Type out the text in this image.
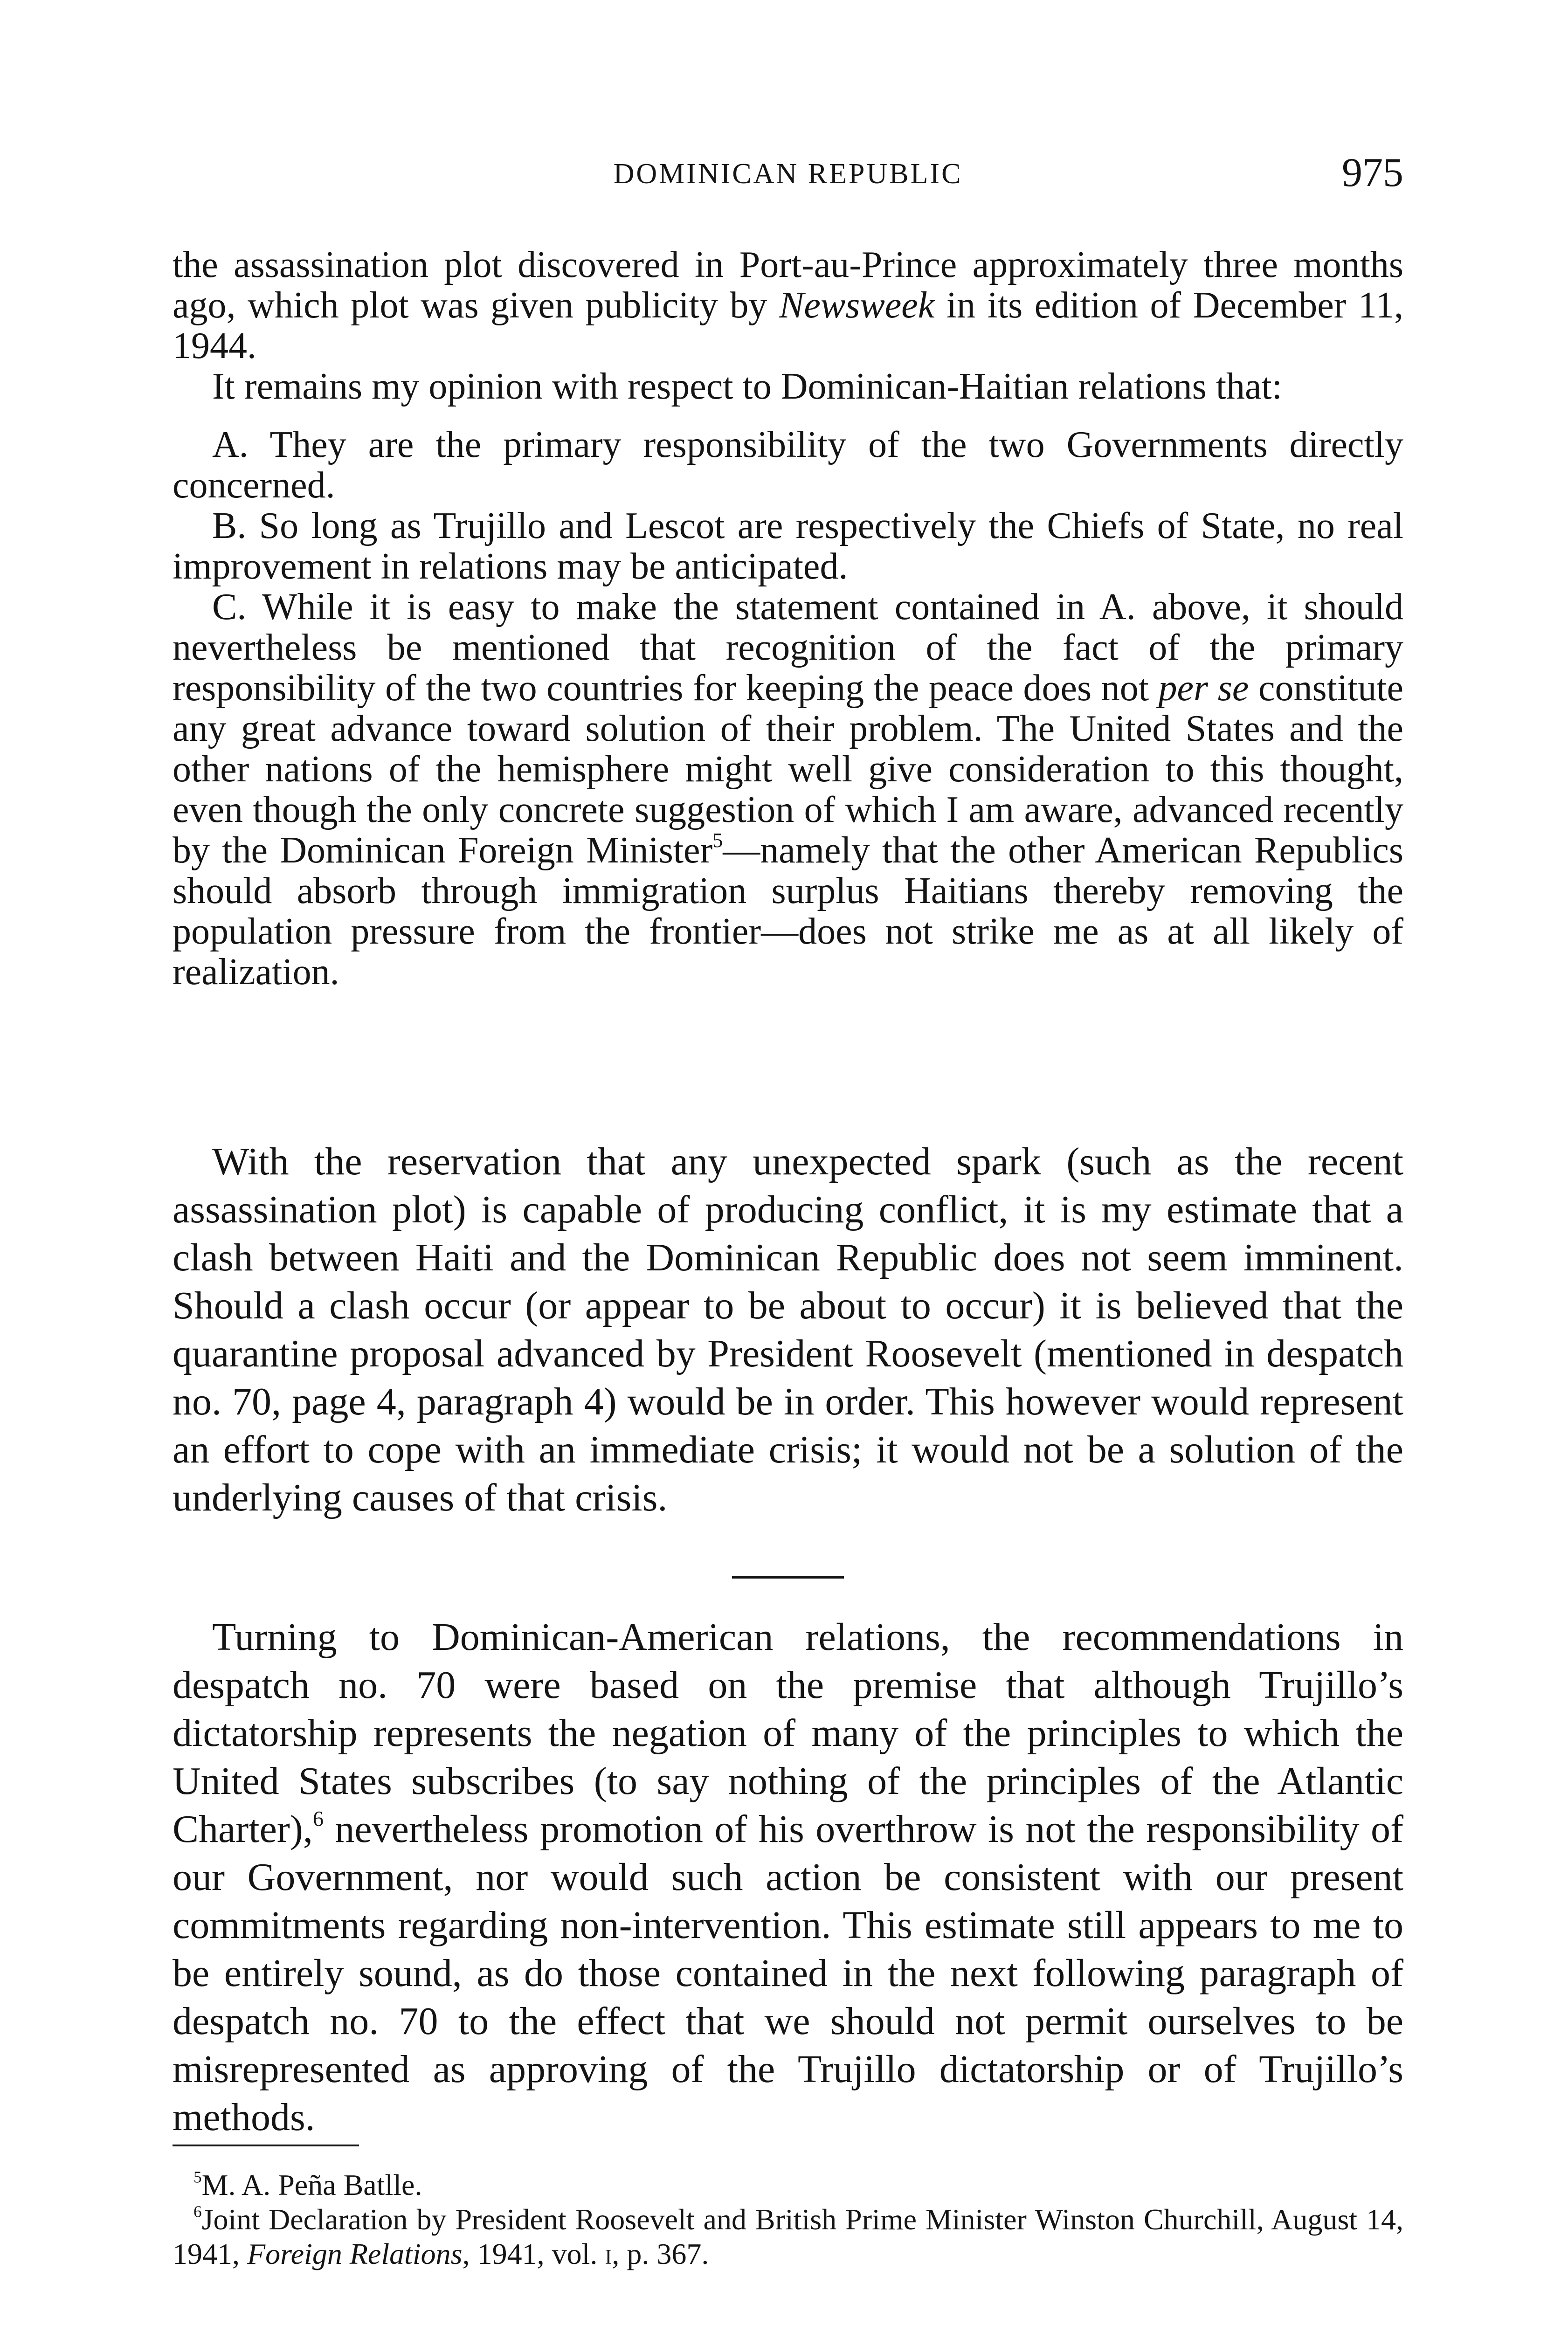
DOMINICAN REPUBLIC	975

the assassination plot discovered in Port-au-Prince approximately three months ago, which plot was given publicity by Newsweek in its edition of December 11, 1944.

It remains my opinion with respect to Dominican-Haitian relations that:

A. They are the primary responsibility of the two Governments directly concerned.

B. So long as Trujillo and Lescot are respectively the Chiefs of State, no real improvement in relations may be anticipated.

C. While it is easy to make the statement contained in A. above, it should nevertheless be mentioned that recognition of the fact of the primary responsibility of the two countries for keeping the peace does not per se constitute any great advance toward solution of their problem. The United States and the other nations of the hemisphere might well give consideration to this thought, even though the only concrete suggestion of which I am aware, advanced recently by the Dominican Foreign Minister$^5$—namely that the other American Republics should absorb through immigration surplus Haitians thereby removing the population pressure from the frontier—does not strike me as at all likely of realization.

With the reservation that any unexpected spark (such as the recent assassination plot) is capable of producing conflict, it is my estimate that a clash between Haiti and the Dominican Republic does not seem imminent. Should a clash occur (or appear to be about to occur) it is believed that the quarantine proposal advanced by President Roosevelt (mentioned in despatch no. 70, page 4, paragraph 4) would be in order. This however would represent an effort to cope with an immediate crisis; it would not be a solution of the underlying causes of that crisis.

Turning to Dominican-American relations, the recommendations in despatch no. 70 were based on the premise that although Trujillo’s dictatorship represents the negation of many of the principles to which the United States subscribes (to say nothing of the principles of the Atlantic Charter),$^6$ nevertheless promotion of his overthrow is not the responsibility of our Government, nor would such action be consistent with our present commitments regarding non-intervention. This estimate still appears to me to be entirely sound, as do those contained in the next following paragraph of despatch no. 70 to the effect that we should not permit ourselves to be misrepresented as approving of the Trujillo dictatorship or of Trujillo’s methods.

$^5$M. A. Peña Batlle.

$^6$Joint Declaration by President Roosevelt and British Prime Minister Winston Churchill, August 14, 1941, Foreign Relations, 1941, vol. i, p. 367.
